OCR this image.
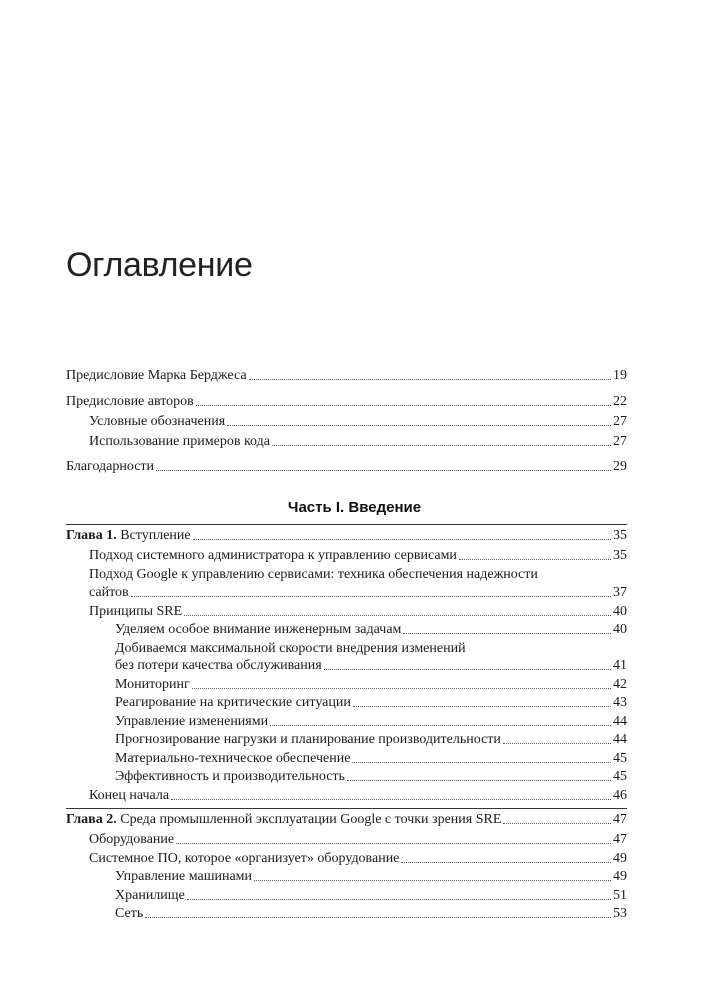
Оглавление
Предисловие Марка Берджеса	19
Предисловие авторов	22
Условные обозначения	27
Использование примеров кода	27
Благодарности	29
Часть I. Введение
Глава 1. Вступление	35
Подход системного администратора к управлению сервисами	35
Подход Google к управлению сервисами: техника обеспечения надежности
сайтов	37
Принципы SRE	40
Уделяем особое внимание инженерным задачам	40
Добиваемся максимальной скорости внедрения изменений
без потери качества обслуживания	41
Мониторинг	42
Реагирование на критические ситуации	43
Управление изменениями	44
Прогнозирование нагрузки и планирование производительности	44
Материально-техническое обеспечение	45
Эффективность и производительность	45
Конец начала	46
Глава 2. Среда промышленной эксплуатации Google с точки зрения SRE	47
Оборудование	47
Системное ПО, которое «организует» оборудование	49
Управление машинами	49
Хранилище	51
Сеть	53
